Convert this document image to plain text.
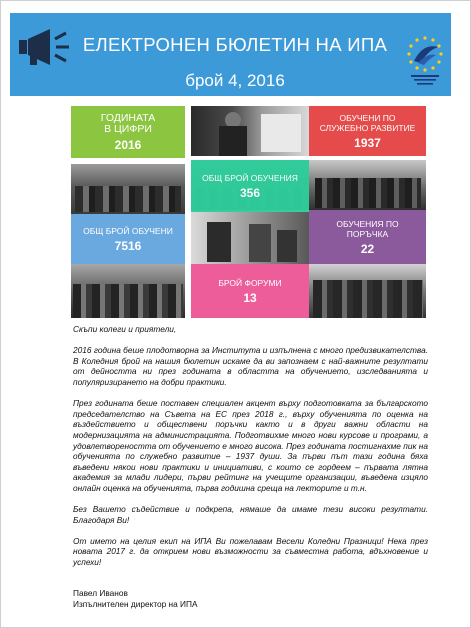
ЕЛЕКТРОНЕН БЮЛЕТИН НА ИПА
брой 4, 2016
ГОДИНАТА
В ЦИФРИ
2016
ОБУЧЕНИ ПО
СЛУЖЕБНО РАЗВИТИЕ
1937
ОБЩ БРОЙ ОБУЧЕНИЯ
356
ОБЩ БРОЙ ОБУЧЕНИ
7516
ОБУЧЕНИЯ ПО
ПОРЪЧКА
22
БРОЙ ФОРУМИ
13

Скъпи колеги и приятели,

2016 година беше плодотворна за Института и изпълнена с много предизвикателства. В Коледния брой на нашия бюлетин искаме да ви запознаем с най-важните резултати от дейността ни през годината в областта на обучението, изследванията и популяризирането на добри практики.

През годината беше поставен специален акцент върху подготовката за българското председателство на Съвета на ЕС през 2018 г., върху обученията по оценка на въздействието и обществени поръчки както и в други важни области на модернизацията на администрацията. Подготвихме много нови курсове и програми, а удовлетвореността от обучението е много висока. През годината постигнахме пик на обученията по служебно развитие – 1937 души. За първи път тази година бяха въведени някои нови практики и инициативи, с които се гордеем – първата лятна академия за млади лидери, първи рейтинг на учещите организации, въведена изцяло онлайн оценка на обученията, първа годишна среща на лекторите и т.н.

Без Вашето съдействие и подкрепа, нямаше да имаме тези високи резултати. Благодаря Ви!

От името на целия екип на ИПА Ви пожелавам Весели Коледни Празници! Нека през новата 2017 г. да открием нови възможности за съвместна работа, вдъхновение и успехи!

Павел Иванов
Изпълнителен директор на ИПА
